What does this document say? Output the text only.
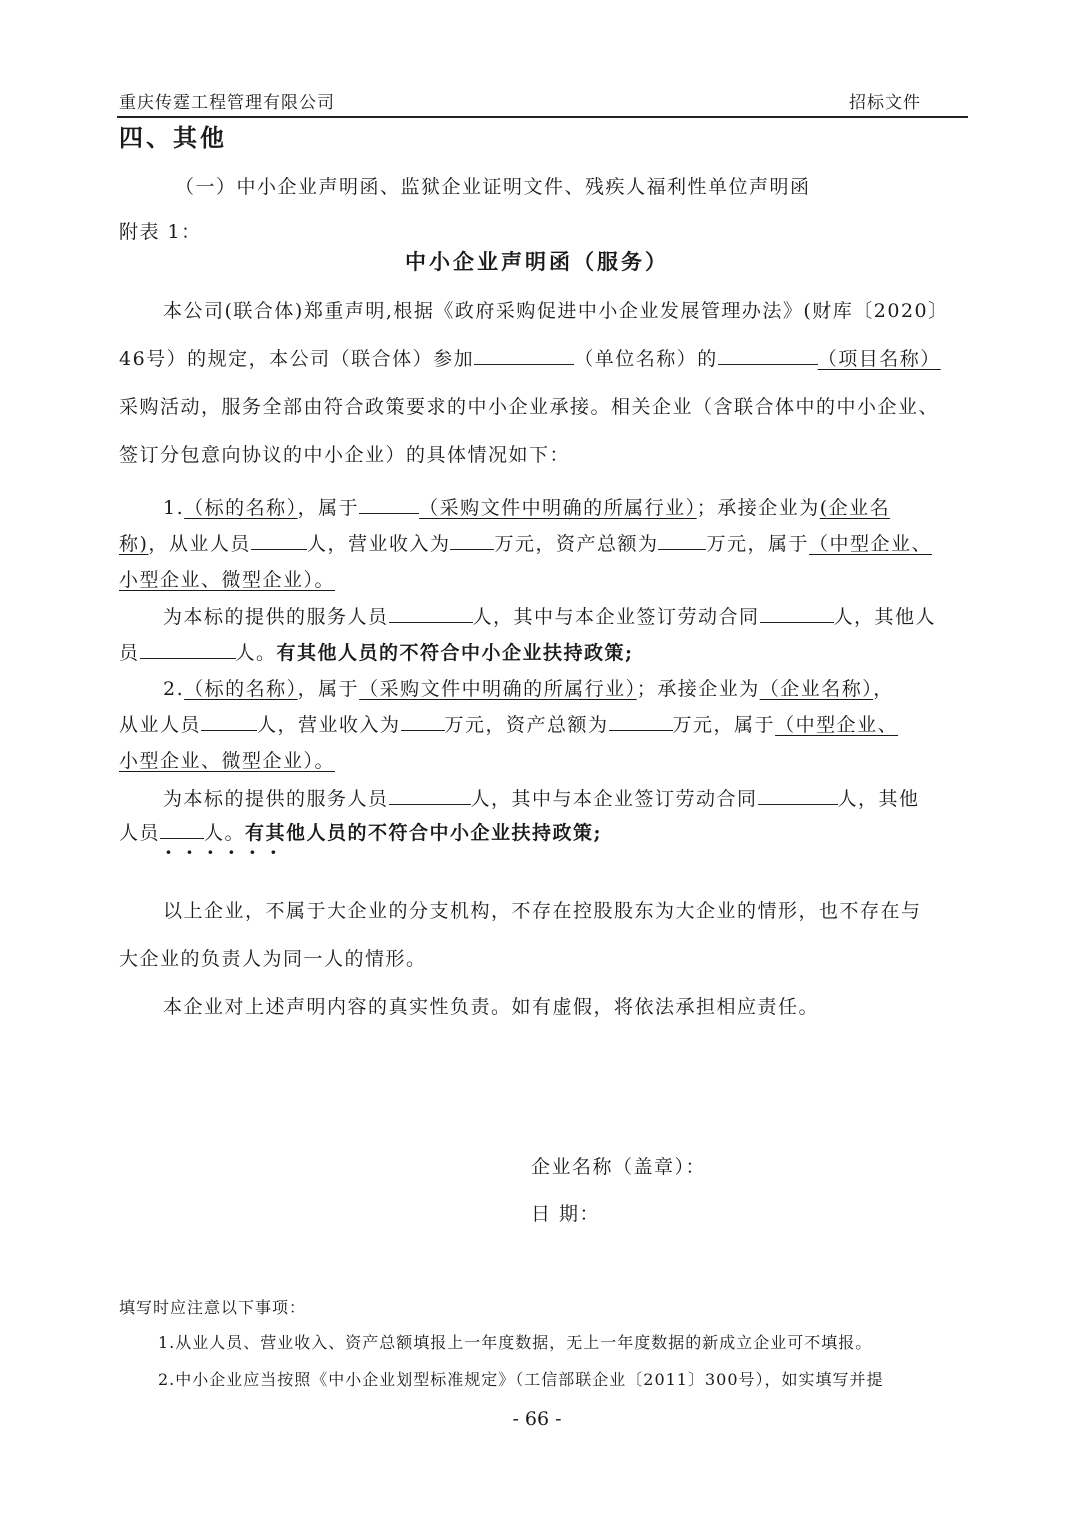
重庆传霆工程管理有限公司	招标文件
四、其他
（一）中小企业声明函、监狱企业证明文件、残疾人福利性单位声明函
附表 1：
中小企业声明函（服务）
本公司(联合体)郑重声明,根据《政府采购促进中小企业发展管理办法》(财库〔2020〕
46号）的规定，本公司（联合体）参加	（单位名称）的	（项目名称）
采购活动，服务全部由符合政策要求的中小企业承接。相关企业（含联合体中的中小企业、
签订分包意向协议的中小企业）的具体情况如下：
1.（标的名称），属于	（采购文件中明确的所属行业）；承接企业为(企业名
称)，从业人员	人，营业收入为 万元，资产总额为	万元，属于（中型企业、
小型企业、微型企业）。
为本标的提供的服务人员	人，其中与本企业签订劳动合同	人，其他人
员	人。有其他人员的不符合中小企业扶持政策;
2.（标的名称），属于（采购文件中明确的所属行业）；承接企业为（企业名称），
从业人员	人，营业收入为 万元，资产总额为	万元，属于（中型企业、
小型企业、微型企业）。
为本标的提供的服务人员	人，其中与本企业签订劳动合同	人，其他
人员 人。有其他人员的不符合中小企业扶持政策;
······
以上企业，不属于大企业的分支机构，不存在控股股东为大企业的情形，也不存在与
大企业的负责人为同一人的情形。
本企业对上述声明内容的真实性负责。如有虚假，将依法承担相应责任。
企业名称（盖章）：
日 期：
填写时应注意以下事项：
1.从业人员、营业收入、资产总额填报上一年度数据，无上一年度数据的新成立企业可不填报。
2.中小企业应当按照《中小企业划型标准规定》（工信部联企业〔2011〕300号），如实填写并提
- 66 -
